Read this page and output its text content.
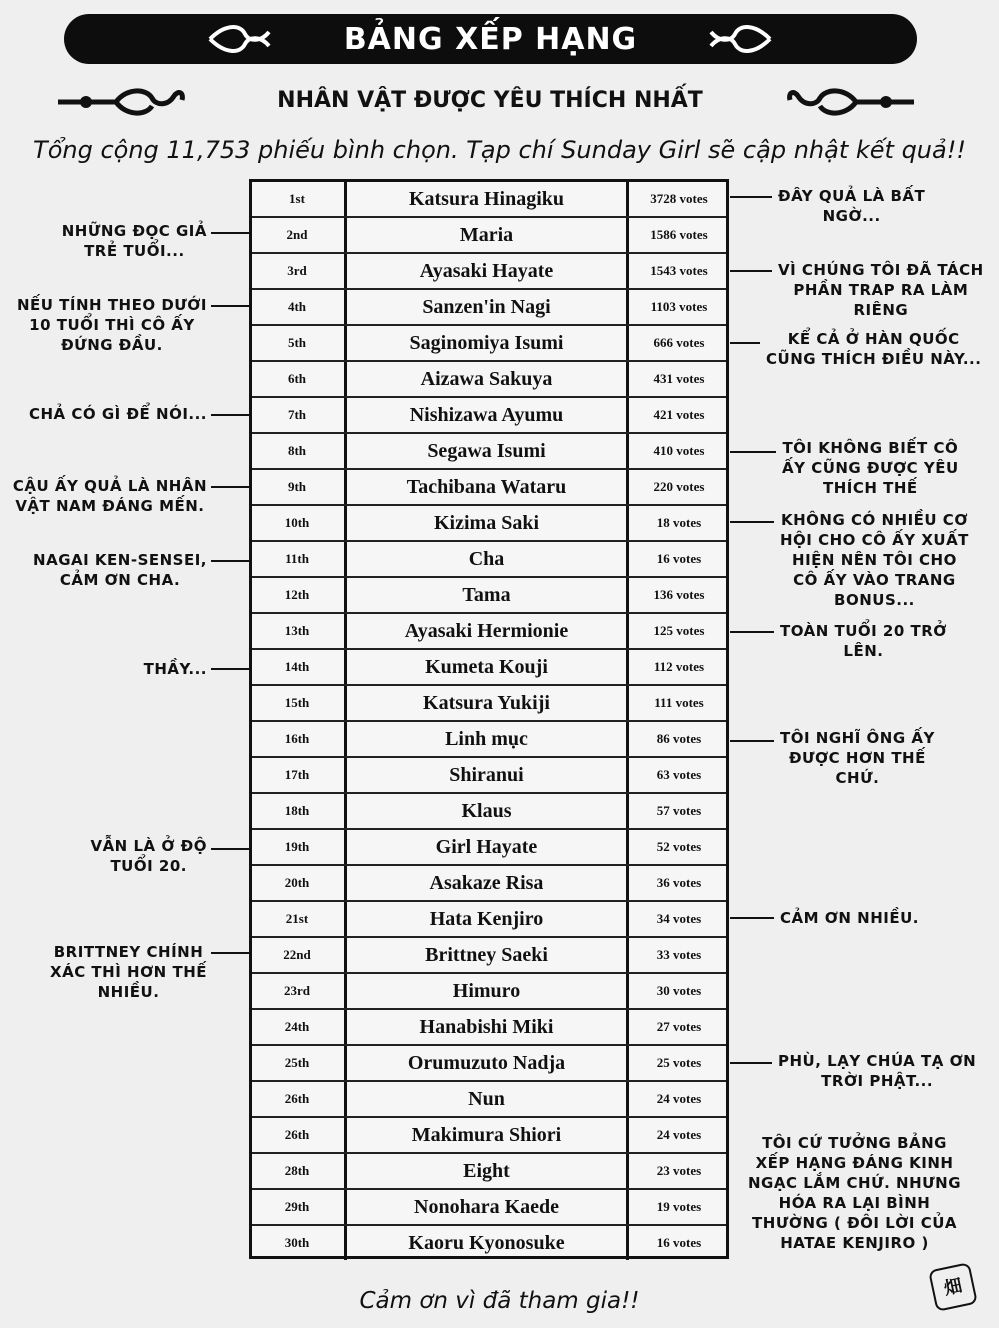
BẢNG XẾP HẠNG
NHÂN VẬT ĐƯỢC YÊU THÍCH NHẤT
Tổng cộng 11,753 phiếu bình chọn. Tạp chí Sunday Girl sẽ cập nhật kết quả!!
1st	Katsura Hinagiku	3728 votes
2nd	Maria	1586 votes
3rd	Ayasaki Hayate	1543 votes
4th	Sanzen'in Nagi	1103 votes
5th	Saginomiya Isumi	666 votes
6th	Aizawa Sakuya	431 votes
7th	Nishizawa Ayumu	421 votes
8th	Segawa Isumi	410 votes
9th	Tachibana Wataru	220 votes
10th	Kizima Saki	18 votes
11th	Cha	16 votes
12th	Tama	136 votes
13th	Ayasaki Hermionie	125 votes
14th	Kumeta Kouji	112 votes
15th	Katsura Yukiji	111 votes
16th	Linh mục	86 votes
17th	Shiranui	63 votes
18th	Klaus	57 votes
19th	Girl Hayate	52 votes
20th	Asakaze Risa	36 votes
21st	Hata Kenjiro	34 votes
22nd	Brittney Saeki	33 votes
23rd	Himuro	30 votes
24th	Hanabishi Miki	27 votes
25th	Orumuzuto Nadja	25 votes
26th	Nun	24 votes
26th	Makimura Shiori	24 votes
28th	Eight	23 votes
29th	Nonohara Kaede	19 votes
30th	Kaoru Kyonosuke	16 votes
NHỮNG ĐỌC GIẢ
TRẺ TUỔI...
NẾU TÍNH THEO DƯỚI
10 TUỔI THÌ CÔ ẤY
ĐỨNG ĐẦU.
CHẢ CÓ GÌ ĐỂ NÓI...
CẬU ẤY QUẢ LÀ NHÂN
VẬT NAM ĐÁNG MẾN.
NAGAI KEN-SENSEI,
CẢM ƠN CHA.
THẦY...
VẪN LÀ Ở ĐỘ
TUỔI 20.
BRITTNEY CHÍNH
XÁC THÌ HƠN THẾ
NHIỀU.
ĐÂY QUẢ LÀ BẤT
NGỜ...
VÌ CHÚNG TÔI ĐÃ TÁCH
PHẦN TRAP RA LÀM
RIÊNG
KỂ CẢ Ở HÀN QUỐC
CŨNG THÍCH ĐIỀU NÀY...
TÔI KHÔNG BIẾT CÔ
ẤY CŨNG ĐƯỢC YÊU
THÍCH THẾ
KHÔNG CÓ NHIỀU CƠ
HỘI CHO CÔ ẤY XUẤT
HIỆN NÊN TÔI CHO
CÔ ẤY VÀO TRANG
BONUS...
TOÀN TUỔI 20 TRỞ
LÊN.
TÔI NGHĨ ÔNG ẤY
ĐƯỢC HƠN THẾ
CHỨ.
CẢM ƠN NHIỀU.
PHÙ, LẠY CHÚA TẠ ƠN
TRỜI PHẬT...
TÔI CỨ TƯỞNG BẢNG
XẾP HẠNG ĐÁNG KINH
NGẠC LẮM CHỨ. NHƯNG
HÓA RA LẠI BÌNH
THƯỜNG ( ĐÔI LỜI CỦA
HATAE KENJIRO )
Cảm ơn vì đã tham gia!!
畑
